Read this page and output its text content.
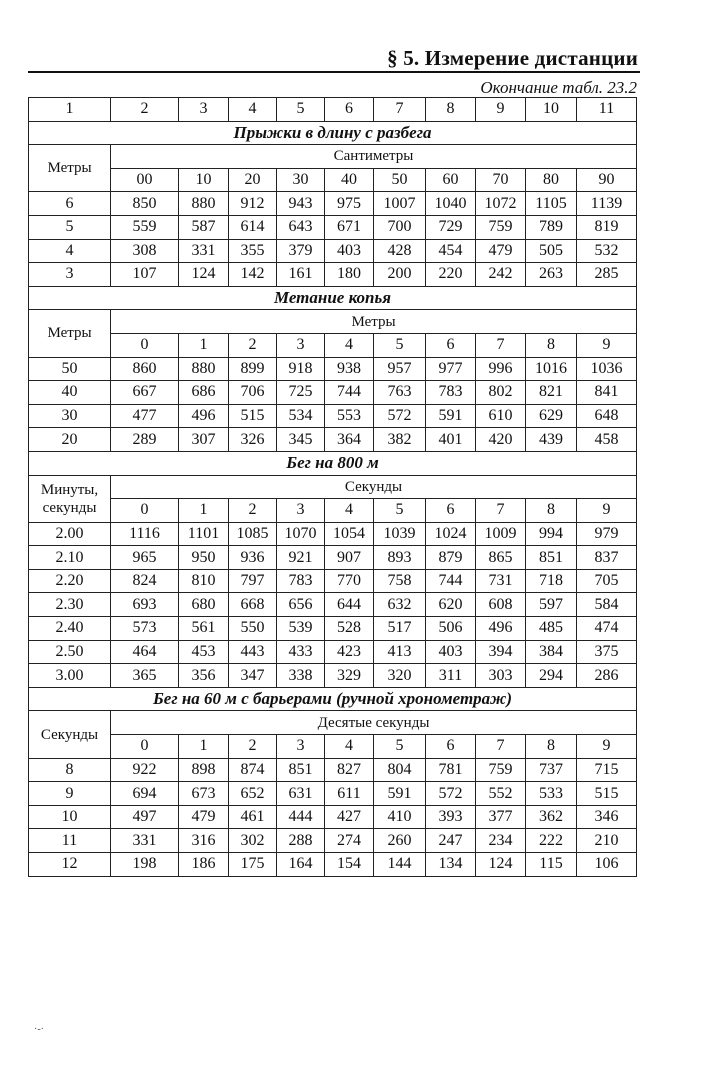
§ 5. Измерение дистанции
Окончание табл. 23.2
1	2	3	4	5	6	7	8	9	10	11
Прыжки в длину с разбега										
Метры	Сантиметры									
	00	10	20	30	40	50	60	70	80	90
6	850	880	912	943	975	1007	1040	1072	1105	1139
5	559	587	614	643	671	700	729	759	789	819
4	308	331	355	379	403	428	454	479	505	532
3	107	124	142	161	180	200	220	242	263	285
Метание копья										
Метры	Метры									
	0	1	2	3	4	5	6	7	8	9
50	860	880	899	918	938	957	977	996	1016	1036
40	667	686	706	725	744	763	783	802	821	841
30	477	496	515	534	553	572	591	610	629	648
20	289	307	326	345	364	382	401	420	439	458
Бег на 800 м										
Минуты, секунды	Секунды									
	0	1	2	3	4	5	6	7	8	9
2.00	1116	1101	1085	1070	1054	1039	1024	1009	994	979
2.10	965	950	936	921	907	893	879	865	851	837
2.20	824	810	797	783	770	758	744	731	718	705
2.30	693	680	668	656	644	632	620	608	597	584
2.40	573	561	550	539	528	517	506	496	485	474
2.50	464	453	443	433	423	413	403	394	384	375
3.00	365	356	347	338	329	320	311	303	294	286
Бег на 60 м с барьерами (ручной хронометраж)										
Секунды	Десятые секунды									
	0	1	2	3	4	5	6	7	8	9
8	922	898	874	851	827	804	781	759	737	715
9	694	673	652	631	611	591	572	552	533	515
10	497	479	461	444	427	410	393	377	362	346
11	331	316	302	288	274	260	247	234	222	210
12	198	186	175	164	154	144	134	124	115	106
·-·
